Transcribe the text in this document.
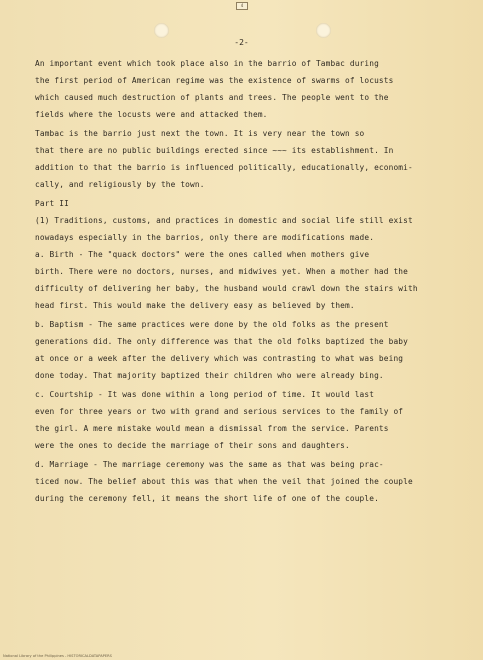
4
-2-
An important event which took place also in the barrio of Tambac during
the first period of American regime was the existence of swarms of locusts
which caused much destruction of plants and trees. The people went to the
fields where the locusts were and attacked them.
Tambac is the barrio just next the town. It is very near the town so
that there are no public buildings erected since ~~~ its establishment. In
addition to that the barrio is influenced politically, educationally, economi-
cally, and religiously by the town.
Part II
(1) Traditions, customs, and practices in domestic and social life still exist
nowadays especially in the barrios, only there are modifications made.
a. Birth - The "quack doctors" were the ones called when mothers give
birth. There were no doctors, nurses, and midwives yet. When a mother had the
difficulty of delivering her baby, the husband would crawl down the stairs with
head first. This would make the delivery easy as believed by them.
b. Baptism - The same practices were done by the old folks as the present
generations did. The only difference was that the old folks baptized the baby
at once or a week after the delivery which was contrasting to what was being
done today. That majority baptized their children who were already bing.
c. Courtship - It was done within a long period of time. It would last
even for three years or two with grand and serious services to the family of
the girl. A mere mistake would mean a dismissal from the service. Parents
were the ones to decide the marriage of their sons and daughters.
d. Marriage - The marriage ceremony was the same as that was being prac-
ticed now. The belief about this was that when the veil that joined the couple
during the ceremony fell, it means the short life of one of the couple.
National Library of the Philippines - HISTORICALDATAPAPERS
